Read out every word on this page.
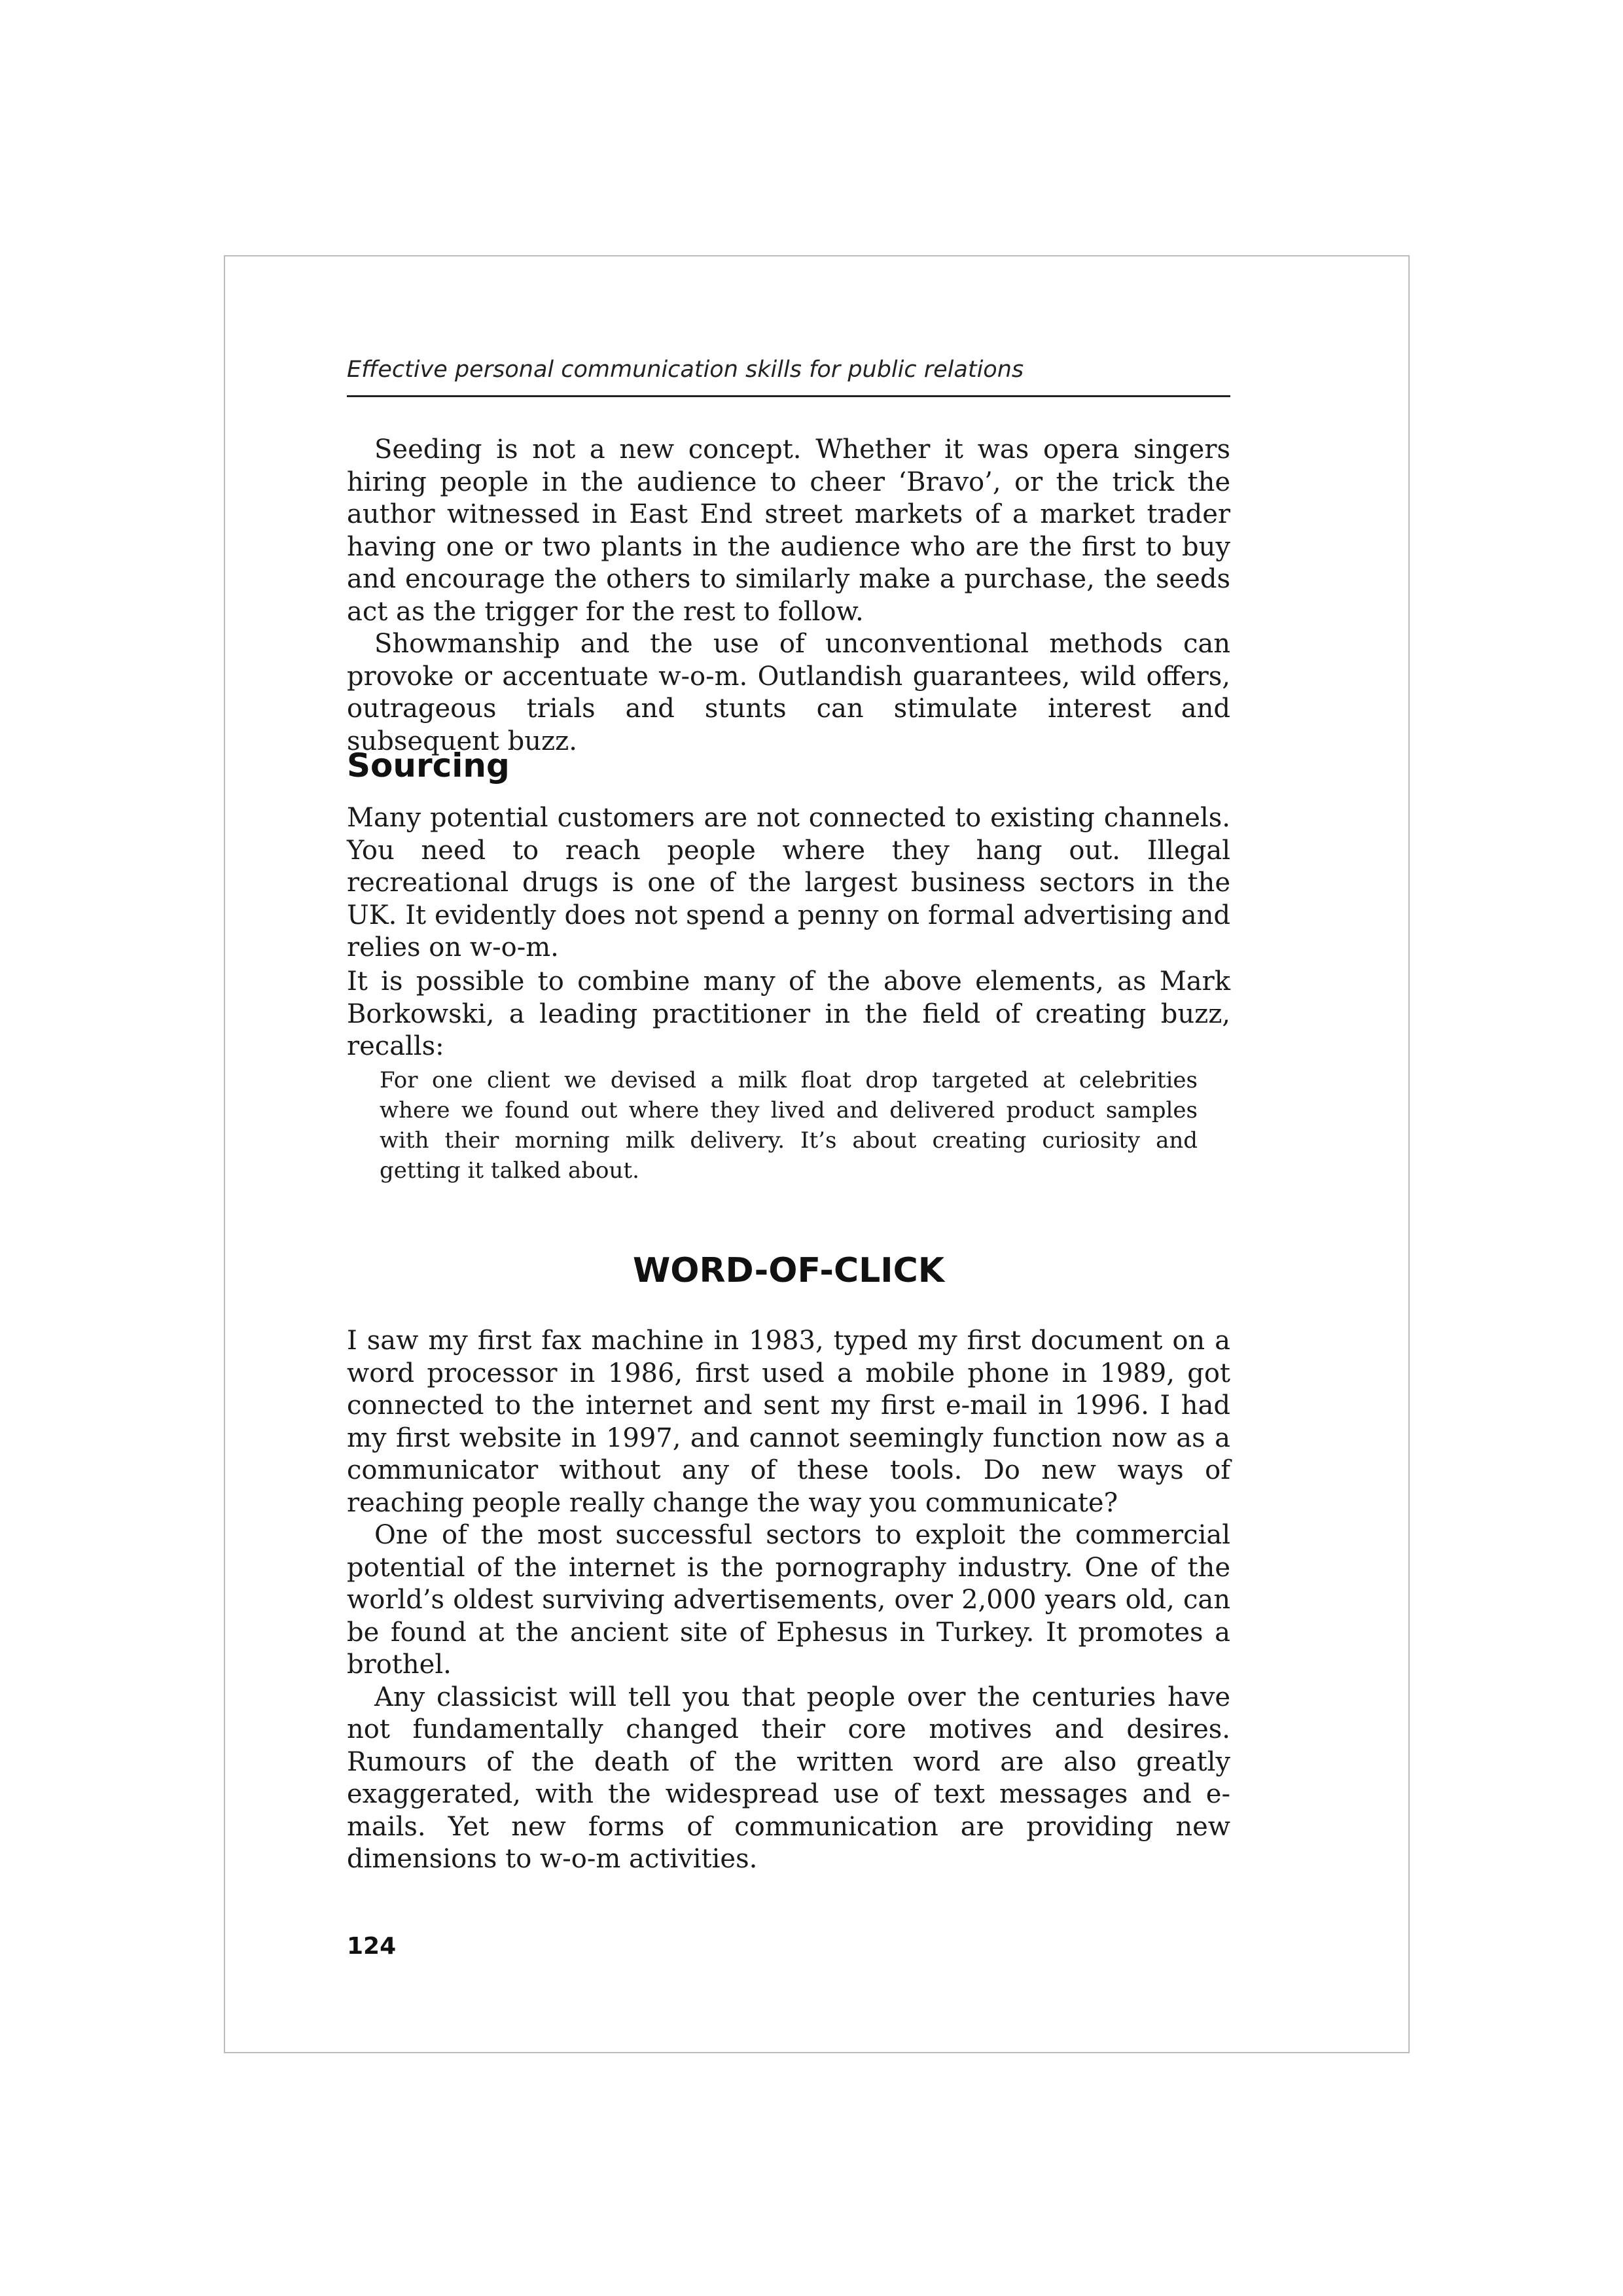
Effective personal communication skills for public relations

Seeding is not a new concept. Whether it was opera singers hiring people in the audience to cheer ‘Bravo’, or the trick the author witnessed in East End street markets of a market trader having one or two plants in the audience who are the first to buy and encourage the others to similarly make a purchase, the seeds act as the trigger for the rest to follow.

Showmanship and the use of unconventional methods can provoke or accentuate w-o-m. Outlandish guarantees, wild offers, outrageous trials and stunts can stimulate interest and subsequent buzz.

Sourcing

Many potential customers are not connected to existing channels. You need to reach people where they hang out. Illegal recreational drugs is one of the largest business sectors in the UK. It evidently does not spend a penny on formal advertising and relies on w-o-m.

It is possible to combine many of the above elements, as Mark Borkowski, a leading practitioner in the field of creating buzz, recalls:

For one client we devised a milk float drop targeted at celebrities where we found out where they lived and delivered product samples with their morning milk delivery. It’s about creating curiosity and getting it talked about.
WORD-OF-CLICK

I saw my first fax machine in 1983, typed my first document on a word processor in 1986, first used a mobile phone in 1989, got connected to the internet and sent my first e-mail in 1996. I had my first website in 1997, and cannot seemingly function now as a communicator without any of these tools. Do new ways of reaching people really change the way you communicate?

One of the most successful sectors to exploit the commercial potential of the internet is the pornography industry. One of the world’s oldest surviving advertisements, over 2,000 years old, can be found at the ancient site of Ephesus in Turkey. It promotes a brothel.

Any classicist will tell you that people over the centuries have not fundamentally changed their core motives and desires. Rumours of the death of the written word are also greatly exaggerated, with the widespread use of text messages and e-mails. Yet new forms of communication are providing new dimensions to w-o-m activities.

124
